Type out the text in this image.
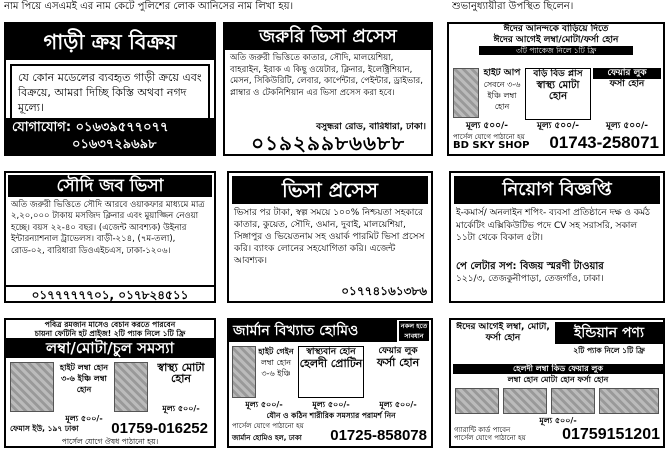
নাম পিয়ে এসএমই এর নাম কেটে পুলিশের লোক আনিসের নাম লিখা হয়।	শুভানুধ্যায়ীরা উপস্থিত ছিলেন।
গাড়ী ক্রয় বিক্রয়
যে কোন মডেলের ব্যবহৃত গাড়ী ক্রয়ে এবং বিক্রয়ে, আমরা দিচ্ছি কিস্তি অথবা নগদ মূল্যে।
যোগাযোগ: ০১৬৩৯৫৭৭০৭৭
০১৬৩৭২৯৬৯৮
জরুরি ভিসা প্রসেস
অতি জরুরী ভিত্তিতে কাতার, সৌদি, মালয়েশিয়া, বাহরাইন, ইরাক এ কিছু ওয়েটার, ক্লিনার, ইলেক্ট্রিশিয়ান, মেসন, সিকিউরিটি, লেবার, কার্পেন্টার, পেইন্টার, ড্রাইভার, প্লাম্বার ও টেকনিশিয়ান এর ভিসা প্রসেস করা হবে।
বসুন্ধরা রোড, বারিধারা, ঢাকা।
০১৯২৯৯৮৬৬৮৮
ঈদের আনন্দকে বাড়িয়ে দিতে
ঈদের আগেই লম্বা/মোটা/ফর্সা হোন
৩টি প্যাকেজ নিলে ১টি ফ্রি
হাইট আপ
সেবনে ৩-৬ ইঞ্চি লম্বা হোন
বড়ি বিড প্লাস
স্বাস্থ্য মোটা হোন
ফেয়ার লুক
ফর্সা হোন
মূল্য ৫০০/-	মূল্য ৫০০/-	মূল্য ৫০০/-
পার্সেল যোগে পাঠানো হয়
BD SKY SHOP 01743-258071
সৌদি জব ভিসা
অতি জরুরী ভিত্তিতে সৌদি আরবে ওয়াকফার মাধ্যমে মাত্র ২,২০,০০০ টাকায় মসজিদ ক্লিনার এবং মুয়াজ্জিন নেওয়া হচ্ছে। বয়স ২২-৪০ বছর। (এজেন্ট আবশ্যক) উইনার ইন্টারন্যাশনাল ট্রাভেলস। বাড়ী-২১৪, (৭ম-তলা), রোড-০২, বারিধারা ডিওএইচএস, ঢাকা-১২০৬।
০১৭৭৭৭৭৭০১, ০১৭৮২৪৫১১
ভিসা প্রসেস
ভিসার পর টাকা, স্বল্প সময়ে ১০০% নিশ্চয়তা সহকারে কাতার, কুয়েত, সৌদি, ওমান, দুবাই, মালয়েশিয়া, সিঙ্গাপুর ও ভিয়েতনাম সহ ওয়ার্ক পারমিট ভিসা প্রসেস করি। ব্যাংক লোনের সহযোগিতা করি। এজেন্ট আবশ্যক।
০১৭৭৪১৬১৩৮৬
নিয়োগ বিজ্ঞপ্তি
ই-কমার্স/ অনলাইন শপিং- ব্যবসা প্রতিষ্ঠানে দক্ষ ও কর্মঠ মার্কেটিং এক্সিকিউটিভ পদে CV সহ সরাসরি, সকাল ১১টা থেকে বিকাল ৫টা।
পে লেটার সপ: বিজয় স্মরণী টাওয়ার
১২১/৩, তেজকুনীপাড়া, তেজগাঁও, ঢাকা।
পবিত্র রমজান মাসেও বেচান করতে পারবেন
চায়না ফেটিনি হট প্রাইজ! ২টি প্যাক নিলে ১টি ফ্রি
লম্বা/মোটা/চুল সমস্যা
হাইট লম্বা হোন ৩-৬ ইঞ্চি লম্বা হোন
স্বাস্থ্য মোটা হোন
মূল্য ৫০০/-
মূল্য ৫০০/-
ফেমাস ইউ, ১৯৭ ঢাকা 01759-016252
পার্সেল যোগে ঔষধ পাঠানো হয়।
জার্মান বিখ্যাত হোমিও	নকল হতে সাবধান
হাইট গেইন
লম্বা হোন ৩-৬ ইঞ্চি
স্বাস্থ্যবান হোন
হেলদী প্রোটিন
ফেয়ার লুক
ফর্সা হোন
মূল্য ৫০০/-	মূল্য ৫০০/-	মূল্য ৫০০/-
যৌন ও কঠিন শারীরিক সমস্যার পরামর্শ নিন
পার্সেল যোগে পাঠানো হয়
জার্মান হোমিও হল, ঢাকা 01725-858078
ঈদের আগেই লম্বা, মোটা, ফর্সা হোন	ইন্ডিয়ান পণ্য
২টি প্যাক নিলে ১টি ফ্রি
হেলদী লম্বা কিড ফেয়ার লুক
লম্বা হোন মোটা হোন ফর্সা হোন
মূল্য ৫০০/-
গ্যারান্টি কার্ড পাবেন
পার্সেল যোগে পাঠানো হয় 01759151201
